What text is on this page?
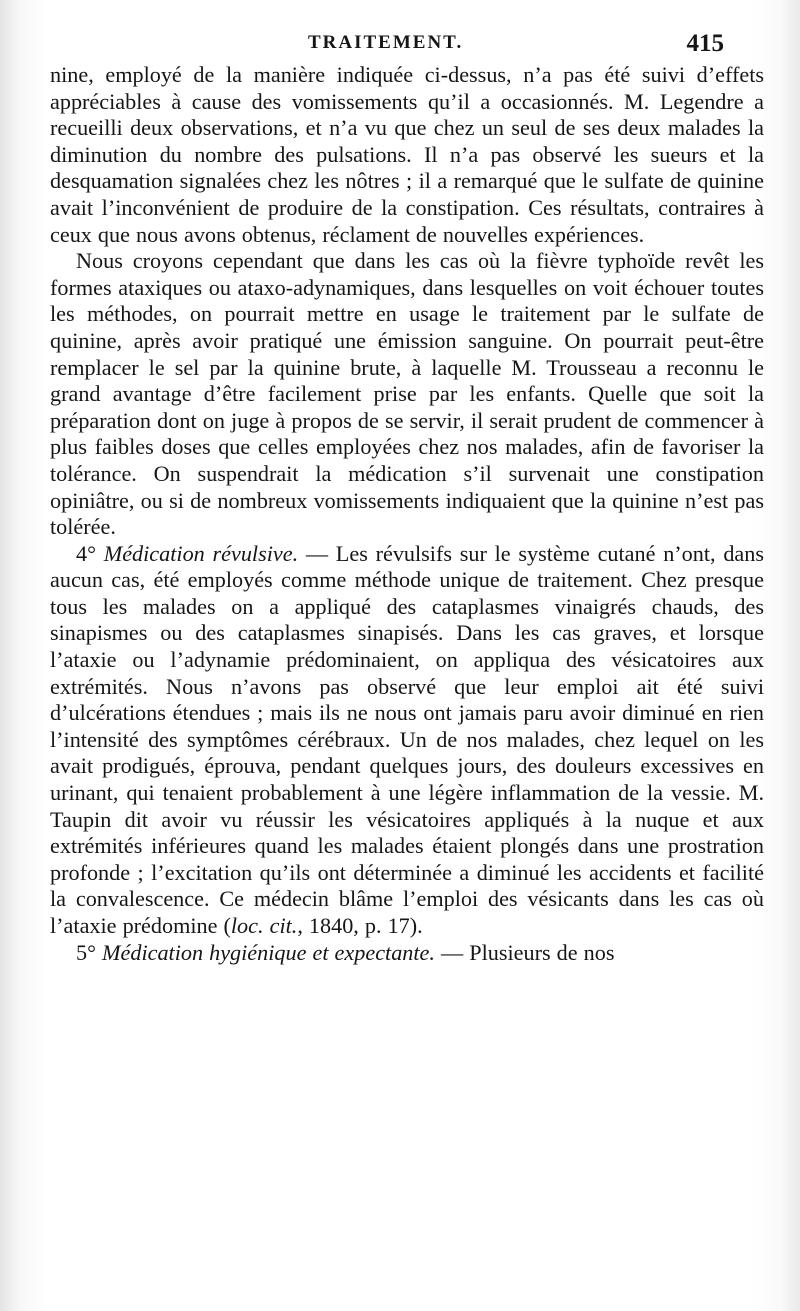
TRAITEMENT.	415

nine, employé de la manière indiquée ci-dessus, n’a pas été suivi d’effets appréciables à cause des vomissements qu’il a occasionnés. M. Legendre a recueilli deux observations, et n’a vu que chez un seul de ses deux malades la diminution du nombre des pulsations. Il n’a pas observé les sueurs et la desquamation signalées chez les nôtres ; il a remarqué que le sulfate de quinine avait l’inconvénient de produire de la constipation. Ces résultats, contraires à ceux que nous avons obtenus, réclament de nouvelles expériences.

Nous croyons cependant que dans les cas où la fièvre typhoïde revêt les formes ataxiques ou ataxo-adynamiques, dans lesquelles on voit échouer toutes les méthodes, on pourrait mettre en usage le traitement par le sulfate de quinine, après avoir pratiqué une émission sanguine. On pourrait peut-être remplacer le sel par la quinine brute, à laquelle M. Trousseau a reconnu le grand avantage d’être facilement prise par les enfants. Quelle que soit la préparation dont on juge à propos de se servir, il serait prudent de commencer à plus faibles doses que celles employées chez nos malades, afin de favoriser la tolérance. On suspendrait la médication s’il survenait une constipation opiniâtre, ou si de nombreux vomissements indiquaient que la quinine n’est pas tolérée.

4° Médication révulsive. — Les révulsifs sur le système cutané n’ont, dans aucun cas, été employés comme méthode unique de traitement. Chez presque tous les malades on a appliqué des cataplasmes vinaigrés chauds, des sinapismes ou des cataplasmes sinapisés. Dans les cas graves, et lorsque l’ataxie ou l’adynamie prédominaient, on appliqua des vésicatoires aux extrémités. Nous n’avons pas observé que leur emploi ait été suivi d’ulcérations étendues ; mais ils ne nous ont jamais paru avoir diminué en rien l’intensité des symptômes cérébraux. Un de nos malades, chez lequel on les avait prodigués, éprouva, pendant quelques jours, des douleurs excessives en urinant, qui tenaient probablement à une légère inflammation de la vessie. M. Taupin dit avoir vu réussir les vésicatoires appliqués à la nuque et aux extrémités inférieures quand les malades étaient plongés dans une prostration profonde ; l’excitation qu’ils ont déterminée a diminué les accidents et facilité la convalescence. Ce médecin blâme l’emploi des vésicants dans les cas où l’ataxie prédomine (loc. cit., 1840, p. 17).

5° Médication hygiénique et expectante. — Plusieurs de nos
